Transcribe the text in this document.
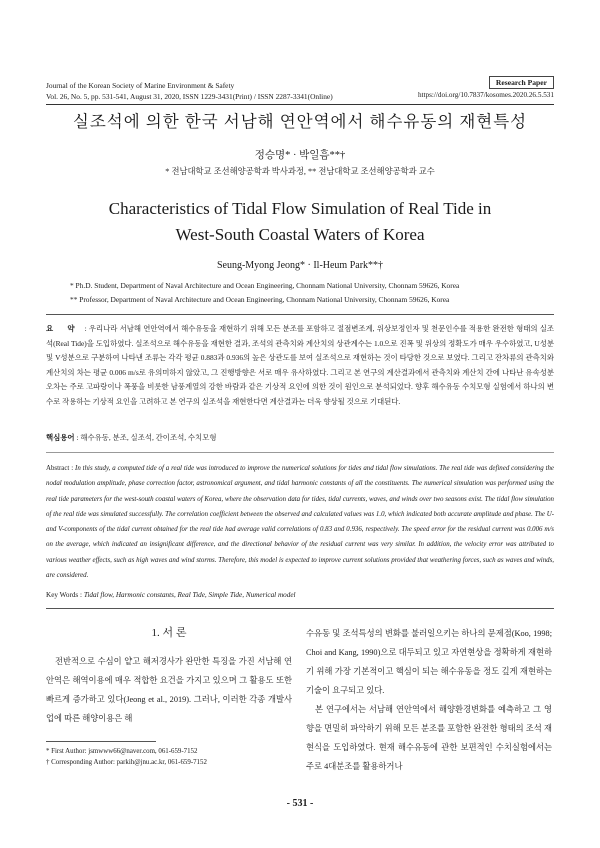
Journal of the Korean Society of Marine Environment & Safety
Vol. 26, No. 5, pp. 531-541, August 31, 2020, ISSN 1229-3431(Print) / ISSN 2287-3341(Online)
Research Paper
https://doi.org/10.7837/kosomes.2020.26.5.531
실조석에 의한 한국 서남해 연안역에서 해수유동의 재현특성
정승명* · 박일흠**†
* 전남대학교 조선해양공학과 박사과정, ** 전남대학교 조선해양공학과 교수
Characteristics of Tidal Flow Simulation of Real Tide in
West-South Coastal Waters of Korea
Seung-Myong Jeong* · Il-Heum Park**†
* Ph.D. Student, Department of Naval Architecture and Ocean Engineering, Chonnam National University, Chonnam 59626, Korea
** Professor, Department of Naval Architecture and Ocean Engineering, Chonnam National University, Chonnam 59626, Korea
요 약 : 우리나라 서남해 연안역에서 해수유동을 재현하기 위해 모든 분조를 포함하고 절점변조계, 위상보정인자 및 천문인수를 적용한 완전한 형태의 실조석(Real Tide)을 도입하였다. 실조석으로 해수유동을 재현한 결과, 조석의 관측치와 계산치의 상관계수는 1.0으로 진폭 및 위상의 정확도가 매우 우수하였고, U성분 및 V성분으로 구분하여 나타낸 조류는 각각 평균 0.883과 0.936의 높은 상관도를 보여 실조석으로 재현하는 것이 타당한 것으로 보였다. 그리고 잔차류의 관측치와 계산치의 차는 평균 0.006 m/s로 유의미하지 않았고, 그 진행방향은 서로 매우 유사하였다. 그리고 본 연구의 계산결과에서 관측치와 계산치 간에 나타난 유속성분 오차는 주로 고파랑이나 폭풍을 비롯한 남풍계열의 강한 바람과 같은 기상적 요인에 의한 것이 원인으로 분석되었다. 향후 해수유동 수치모형 실험에서 하나의 변수로 작용하는 기상적 요인을 고려하고 본 연구의 실조석을 재현한다면 계산결과는 더욱 향상될 것으로 기대된다.
핵심용어 : 해수유동, 분조, 실조석, 간이조석, 수치모형
Abstract : In this study, a computed tide of a real tide was introduced to improve the numerical solutions for tides and tidal flow simulations. The real tide was defined considering the nodal modulation amplitude, phase correction factor, astronomical argument, and tidal harmonic constants of all the constituents. The numerical simulation was performed using the real tide parameters for the west-south coastal waters of Korea, where the observation data for tides, tidal currents, waves, and winds over two seasons exist. The tidal flow simulation of the real tide was simulated successfully. The correlation coefficient between the observed and calculated values was 1.0, which indicated both accurate amplitude and phase. The U- and V-components of the tidal current obtained for the real tide had average valid correlations of 0.83 and 0.936, respectively. The speed error for the residual current was 0.006 m/s on the average, which indicated an insignificant difference, and the directional behavior of the residual current was very similar. In addition, the velocity error was attributed to various weather effects, such as high waves and wind storms. Therefore, this model is expected to improve current solutions provided that weathering forces, such as waves and winds, are considered.
Key Words : Tidal flow, Harmonic constants, Real Tide, Simple Tide, Numerical model
1. 서 론
전반적으로 수심이 얕고 해저경사가 완만한 특징을 가진 서남해 연안역은 해역이용에 매우 적합한 요건을 가지고 있으며 그 활용도 또한 빠르게 증가하고 있다(Jeong et al., 2019). 그러나, 이러한 각종 개발사업에 따른 해양이용은 해
수유동 및 조석특성의 변화를 불러일으키는 하나의 문제점(Koo, 1998; Choi and Kang, 1990)으로 대두되고 있고 자연현상을 정확하게 재현하기 위해 가장 기본적이고 핵심이 되는 해수유동을 정도 깊게 재현하는 기술이 요구되고 있다.
본 연구에서는 서남해 연안역에서 해양환경변화를 예측하고 그 영향을 면밀히 파악하기 위해 모든 분조를 포함한 완전한 형태의 조석 재현식을 도입하였다. 현재 해수유동에 관한 보편적인 수치실험에서는 주로 4대분조를 활용하거나
* First Author: jsmwww66@naver.com, 061-659-7152
† Corresponding Author: parkih@jnu.ac.kr, 061-659-7152
- 531 -
